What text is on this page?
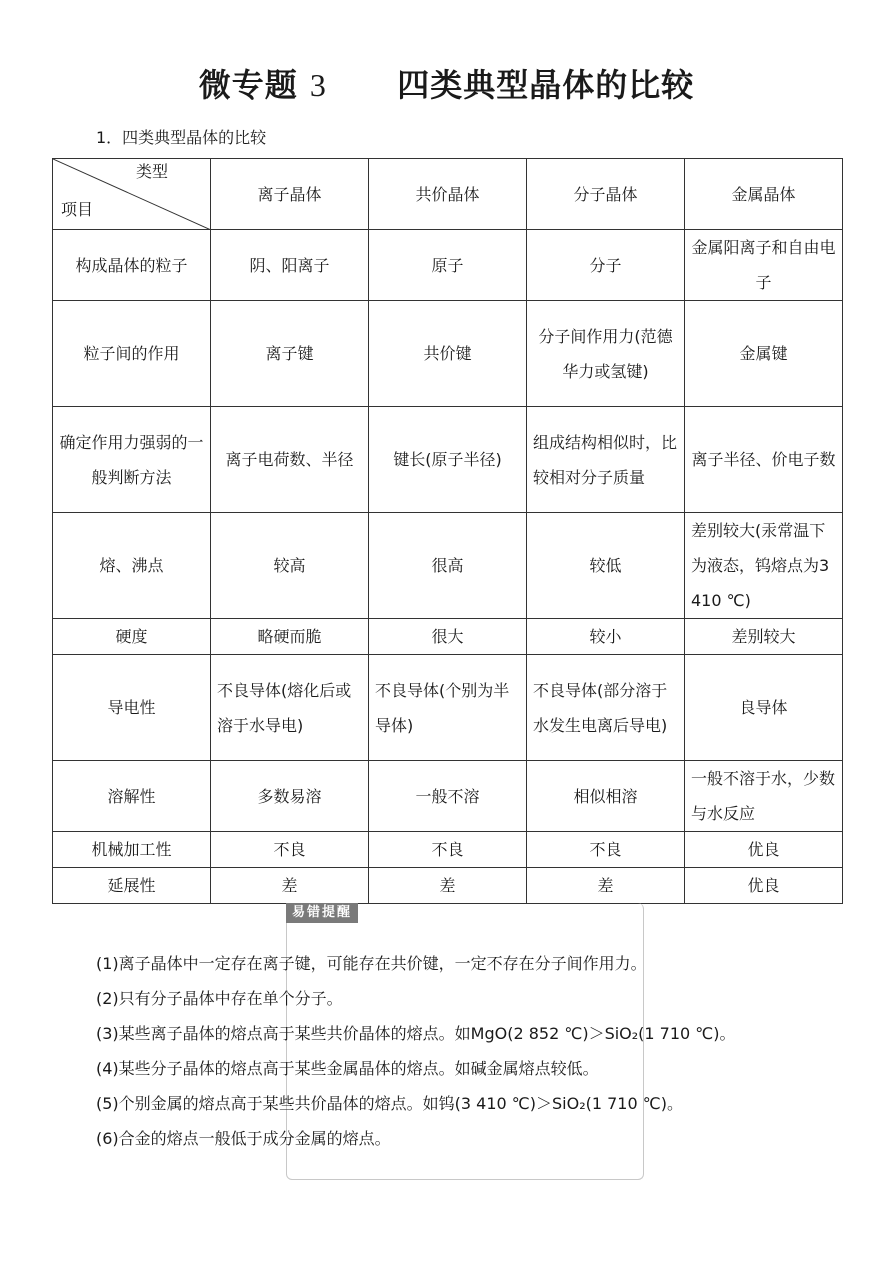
微专题 3 四类典型晶体的比较
1．四类典型晶体的比较
类型
项目	离子晶体	共价晶体	分子晶体	金属晶体
构成晶体的粒子	阴、阳离子	原子	分子	金属阳离子和自由电子
粒子间的作用	离子键	共价键	分子间作用力(范德华力或氢键)	金属键
确定作用力强弱的一般判断方法	离子电荷数、半径	键长(原子半径)	组成结构相似时，比较相对分子质量	离子半径、价电子数
熔、沸点	较高	很高	较低	差别较大(汞常温下为液态，钨熔点为3 410 ℃)
硬度	略硬而脆	很大	较小	差别较大
导电性	不良导体(熔化后或溶于水导电)	不良导体(个别为半导体)	不良导体(部分溶于水发生电离后导电)	良导体
溶解性	多数易溶	一般不溶	相似相溶	一般不溶于水，少数与水反应
机械加工性	不良	不良	不良	优良
延展性	差	差	差	优良
易错提醒
(1)离子晶体中一定存在离子键，可能存在共价键，一定不存在分子间作用力。
(2)只有分子晶体中存在单个分子。
(3)某些离子晶体的熔点高于某些共价晶体的熔点。如MgO(2 852 ℃)＞SiO₂(1 710 ℃)。
(4)某些分子晶体的熔点高于某些金属晶体的熔点。如碱金属熔点较低。
(5)个别金属的熔点高于某些共价晶体的熔点。如钨(3 410 ℃)＞SiO₂(1 710 ℃)。
(6)合金的熔点一般低于成分金属的熔点。
